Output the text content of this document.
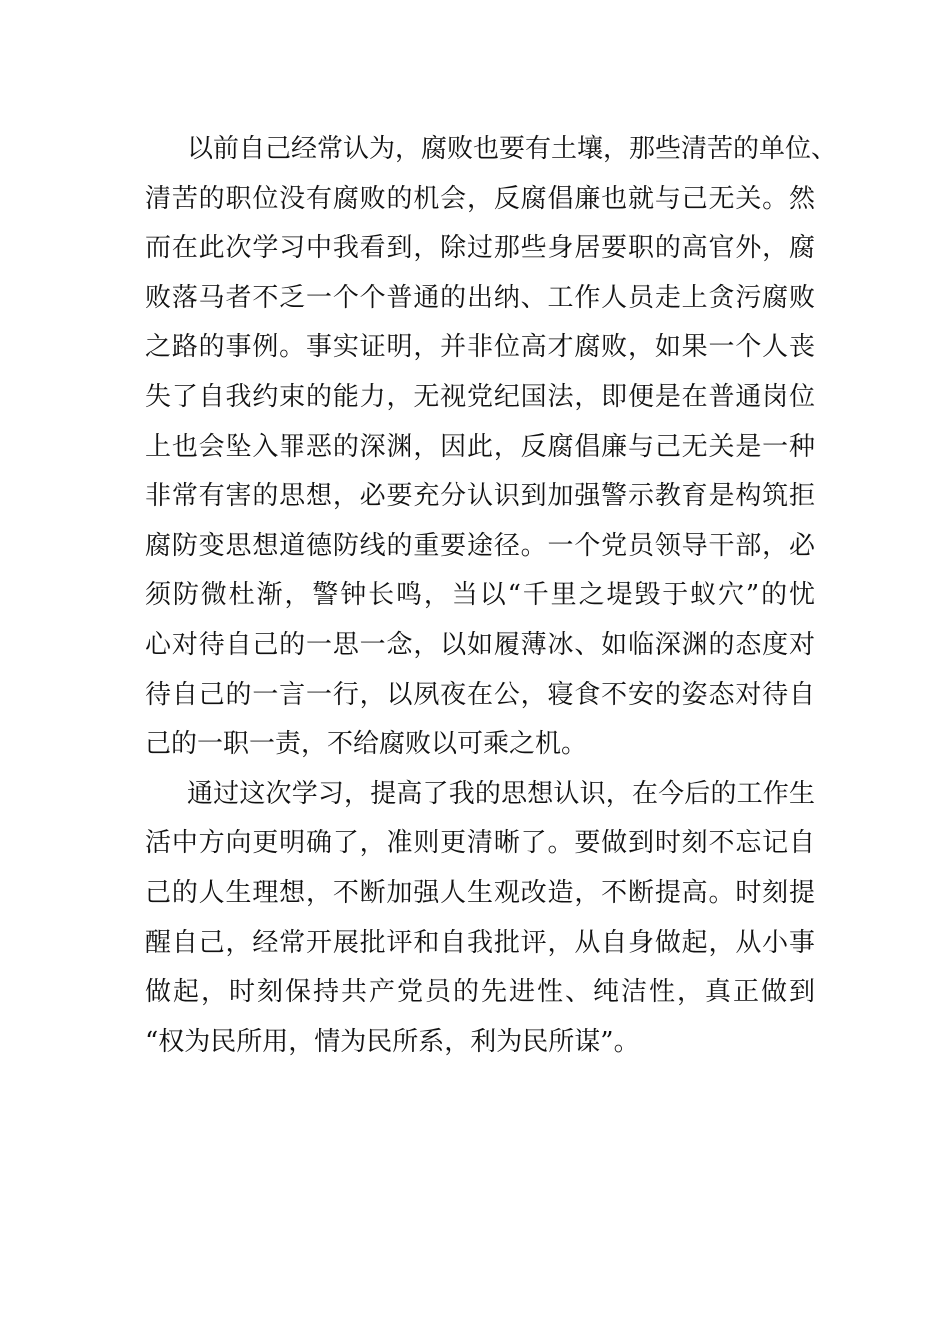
以前自己经常认为，腐败也要有土壤，那些清苦的单位、
清苦的职位没有腐败的机会，反腐倡廉也就与己无关。然
而在此次学习中我看到，除过那些身居要职的高官外，腐
败落马者不乏一个个普通的出纳、工作人员走上贪污腐败
之路的事例。事实证明，并非位高才腐败，如果一个人丧
失了自我约束的能力，无视党纪国法，即便是在普通岗位
上也会坠入罪恶的深渊，因此，反腐倡廉与己无关是一种
非常有害的思想，必要充分认识到加强警示教育是构筑拒
腐防变思想道德防线的重要途径。一个党员领导干部，必
须防微杜渐，警钟长鸣，当以“千里之堤毁于蚁穴”的忧
心对待自己的一思一念，以如履薄冰、如临深渊的态度对
待自己的一言一行，以夙夜在公，寝食不安的姿态对待自
己的一职一责，不给腐败以可乘之机。
通过这次学习，提高了我的思想认识，在今后的工作生
活中方向更明确了，准则更清晰了。要做到时刻不忘记自
己的人生理想，不断加强人生观改造，不断提高。时刻提
醒自己，经常开展批评和自我批评，从自身做起，从小事
做起，时刻保持共产党员的先进性、纯洁性，真正做到
“权为民所用，情为民所系，利为民所谋”。
